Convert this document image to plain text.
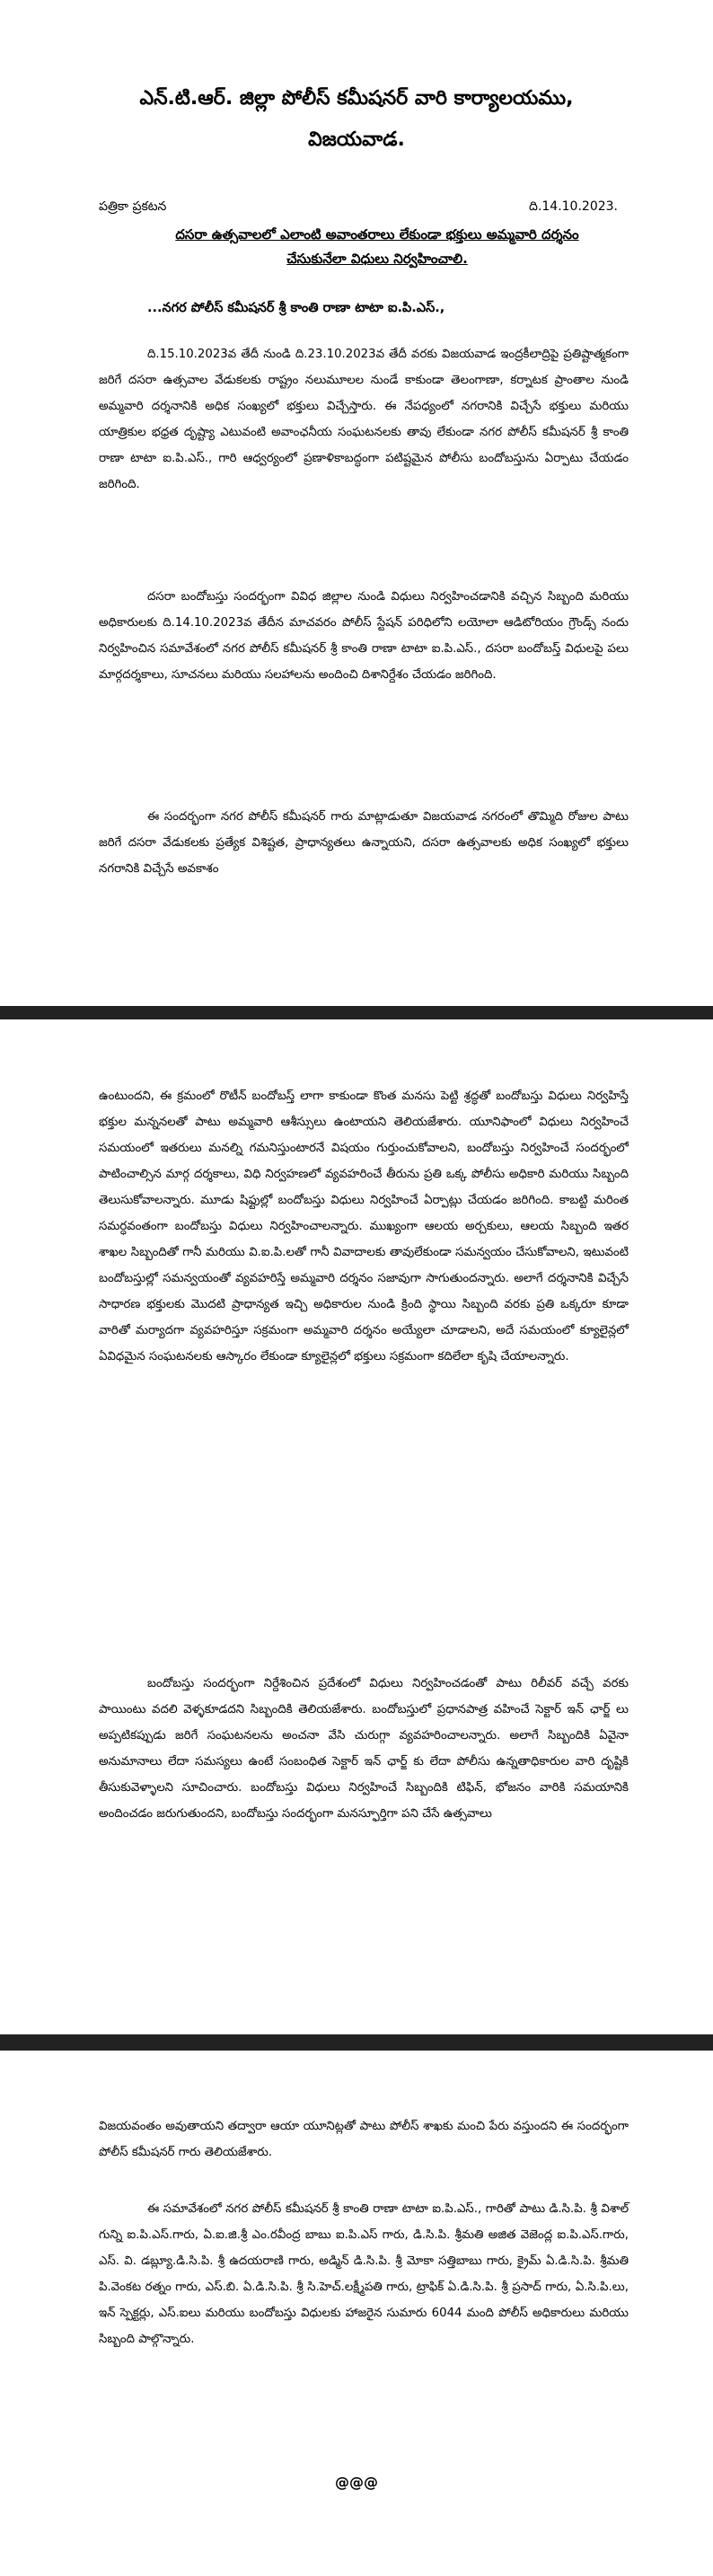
ఎన్.టి.ఆర్. జిల్లా పోలీస్ కమీషనర్ వారి కార్యాలయము,
విజయవాడ.
పత్రికా ప్రకటన	ది.14.10.2023.
దసరా ఉత్సవాలలో ఎలాంటి అవాంతరాలు లేకుండా భక్తులు అమ్మవారి దర్శనం చేసుకునేలా విధులు నిర్వహించాలి.
...నగర పోలీస్ కమీషనర్ శ్రీ కాంతి రాణా టాటా ఐ.పి.ఎస్.,
ది.15.10.2023వ తేదీ నుండి ది.23.10.2023వ తేదీ వరకు విజయవాడ ఇంద్రకీలాద్రిపై ప్రతిష్టాత్మకంగా జరిగే దసరా ఉత్సవాల వేడుకలకు రాష్ట్రం నలుమూలల నుండే కాకుండా తెలంగాణా, కర్నాటక ప్రాంతాల నుండి అమ్మవారి దర్శనానికి అధిక సంఖ్యలో భక్తులు విచ్చేస్తారు. ఈ నేపధ్యంలో నగరానికి విచ్చేసే భక్తులు మరియు యాత్రికుల భధ్రత దృష్ట్యా ఎటువంటి అవాంఛనీయ సంఘటనలకు తావు లేకుండా నగర పోలీస్ కమీషనర్ శ్రీ కాంతి రాణా టాటా ఐ.పి.ఎస్., గారి ఆధ్వర్యంలో ప్రణాళికాబద్ధంగా పటిష్టమైన పోలీసు బందోబస్తును ఏర్పాటు చేయడం జరిగింది.
దసరా బందోబస్తు సందర్భంగా వివిధ జిల్లాల నుండి విధులు నిర్వహించడానికి వచ్చిన సిబ్బంది మరియు అధికారులకు ది.14.10.2023వ తేదీన మాచవరం పోలీస్ స్టేషన్ పరిధిలోని లయోలా ఆడిటోరియం గ్రౌండ్స్ నందు నిర్వహించిన సమావేశంలో నగర పోలీస్ కమీషనర్ శ్రీ కాంతి రాణా టాటా ఐ.పి.ఎస్., దసరా బందోబస్త్ విధులపై పలు మార్గదర్శకాలు, సూచనలు మరియు సలహాలను అందించి దిశానిర్దేశం చేయడం జరిగింది.
ఈ సందర్భంగా నగర పోలీస్ కమీషనర్ గారు మాట్లాడుతూ విజయవాడ నగరంలో తొమ్మిది రోజుల పాటు జరిగే దసరా వేడుకలకు ప్రత్యేక విశిష్టత, ప్రాధాన్యతలు ఉన్నాయని, దసరా ఉత్సవాలకు అధిక సంఖ్యలో భక్తులు నగరానికి విచ్చేసే అవకాశం
ఉంటుందని, ఈ క్రమంలో రొటీన్ బందోబస్త్ లాగా కాకుండా కొంత మనసు పెట్టి శ్రద్ధతో బందోబస్తు విధులు నిర్వహిస్తే భక్తుల మన్ననలతో పాటు అమ్మవారి ఆశీస్సులు ఉంటాయని తెలియజేశారు. యూనిఫాంలో విధులు నిర్వహించే సమయంలో ఇతరులు మనల్ని గమనిస్తుంటారనే విషయం గుర్తుంచుకోవాలని, బందోబస్తు నిర్వహించే సందర్భంలో పాటించాల్సిన మార్గ దర్శకాలు, విధి నిర్వహణలో వ్యవహరించే తీరును ప్రతి ఒక్క పోలీసు అధికారి మరియు సిబ్బంది తెలుసుకోవాలన్నారు. మూడు షిఫ్టుల్లో బందోబస్తు విధులు నిర్వహించే ఏర్పాట్లు చేయడం జరిగింది. కాబట్టి మరింత సమర్ధవంతంగా బందోబస్తు విధులు నిర్వహించాలన్నారు. ముఖ్యంగా ఆలయ అర్చకులు, ఆలయ సిబ్బంది ఇతర శాఖల సిబ్బందితో గానీ మరియు వి.ఐ.పి.లతో గానీ వివాదాలకు తావులేకుండా సమన్వయం చేసుకోవాలని, ఇటువంటి బందోబస్తుల్లో సమన్వయంతో వ్యవహరిస్తే అమ్మవారి దర్శనం సజావుగా సాగుతుందన్నారు. అలాగే దర్శనానికి విచ్చేసే సాధారణ భక్తులకు మొదటి ప్రాధాన్యత ఇచ్చి అధికారుల నుండి క్రింది స్థాయి సిబ్బంది వరకు ప్రతి ఒక్కరూ కూడా వారితో మర్యాదగా వ్యవహరిస్తూ సక్రమంగా అమ్మవారి దర్శనం అయ్యేలా చూడాలని, అదే సమయంలో క్యూలైన్లలో ఏవిధమైన సంఘటనలకు ఆస్కారం లేకుండా క్యూలైన్లలో భక్తులు సక్రమంగా కదిలేలా కృషి చేయాలన్నారు.
బందోబస్తు సందర్భంగా నిర్దేశించిన ప్రదేశంలో విధులు నిర్వహించడంతో పాటు రిలీవర్ వచ్చే వరకు పాయింటు వదలి వెళ్ళకూడదని సిబ్బందికి తెలియజేశారు. బందోబస్తులో ప్రధానపాత్ర వహించే సెక్టార్ ఇన్ ఛార్జ్ లు అప్పటికప్పుడు జరిగే సంఘటనలను అంచనా వేసి చురుగ్గా వ్యవహరించాలన్నారు. అలాగే సిబ్బందికి ఏవైనా అనుమానాలు లేదా సమస్యలు ఉంటే సంబంధిత సెక్టార్ ఇన్ ఛార్జ్ కు లేదా పోలీసు ఉన్నతాధికారుల వారి దృష్టికి తీసుకువెళ్ళాలని సూచించారు. బందోబస్తు విధులు నిర్వహించే సిబ్బందికి టిఫిన్, భోజనం వారికి సమయానికి అందించడం జరుగుతుందని, బందోబస్తు సందర్భంగా మనస్ఫూర్తిగా పని చేసే ఉత్సవాలు
విజయవంతం అవుతాయని తద్వారా ఆయా యూనిట్లతో పాటు పోలీస్ శాఖకు మంచి పేరు వస్తుందని ఈ సందర్భంగా పోలీస్ కమీషనర్ గారు తెలియజేశారు.
ఈ సమావేశంలో నగర పోలీస్ కమీషనర్ శ్రీ కాంతి రాణా టాటా ఐ.పి.ఎస్., గారితో పాటు డి.సి.పి. శ్రీ విశాల్ గున్ని ఐ.పి.ఎస్.గారు, ఏ.ఐ.జి.శ్రీ ఎం.రవీంద్ర బాబు ఐ.పి.ఎస్ గారు, డి.సి.పి. శ్రీమతి అజిత వెజెంద్ల ఐ.పి.ఎస్.గారు, ఎస్. వి. డబ్ల్యూ.డి.సి.పి. శ్రీ ఉదయరాణి గారు, అడ్మిన్ డి.సి.పి. శ్రీ మోకా సత్తిబాబు గారు, క్రైమ్ ఏ.డి.సి.పి. శ్రీమతి పి.వెంకట రత్నం గారు, ఎస్.బి. ఏ.డి.సి.పి. శ్రీ సి.హెచ్.లక్ష్మీపతి గారు, ట్రాఫిక్ ఏ.డి.సి.పి. శ్రీ ప్రసాద్ గారు, ఏ.సి.పి.లు, ఇన్ స్పెక్టర్లు, ఎస్.ఐలు మరియు బందోబస్తు విధులకు హాజరైన సుమారు 6044 మంది పోలీస్ అధికారులు మరియు సిబ్బంది పాల్గొన్నారు.
@@@
